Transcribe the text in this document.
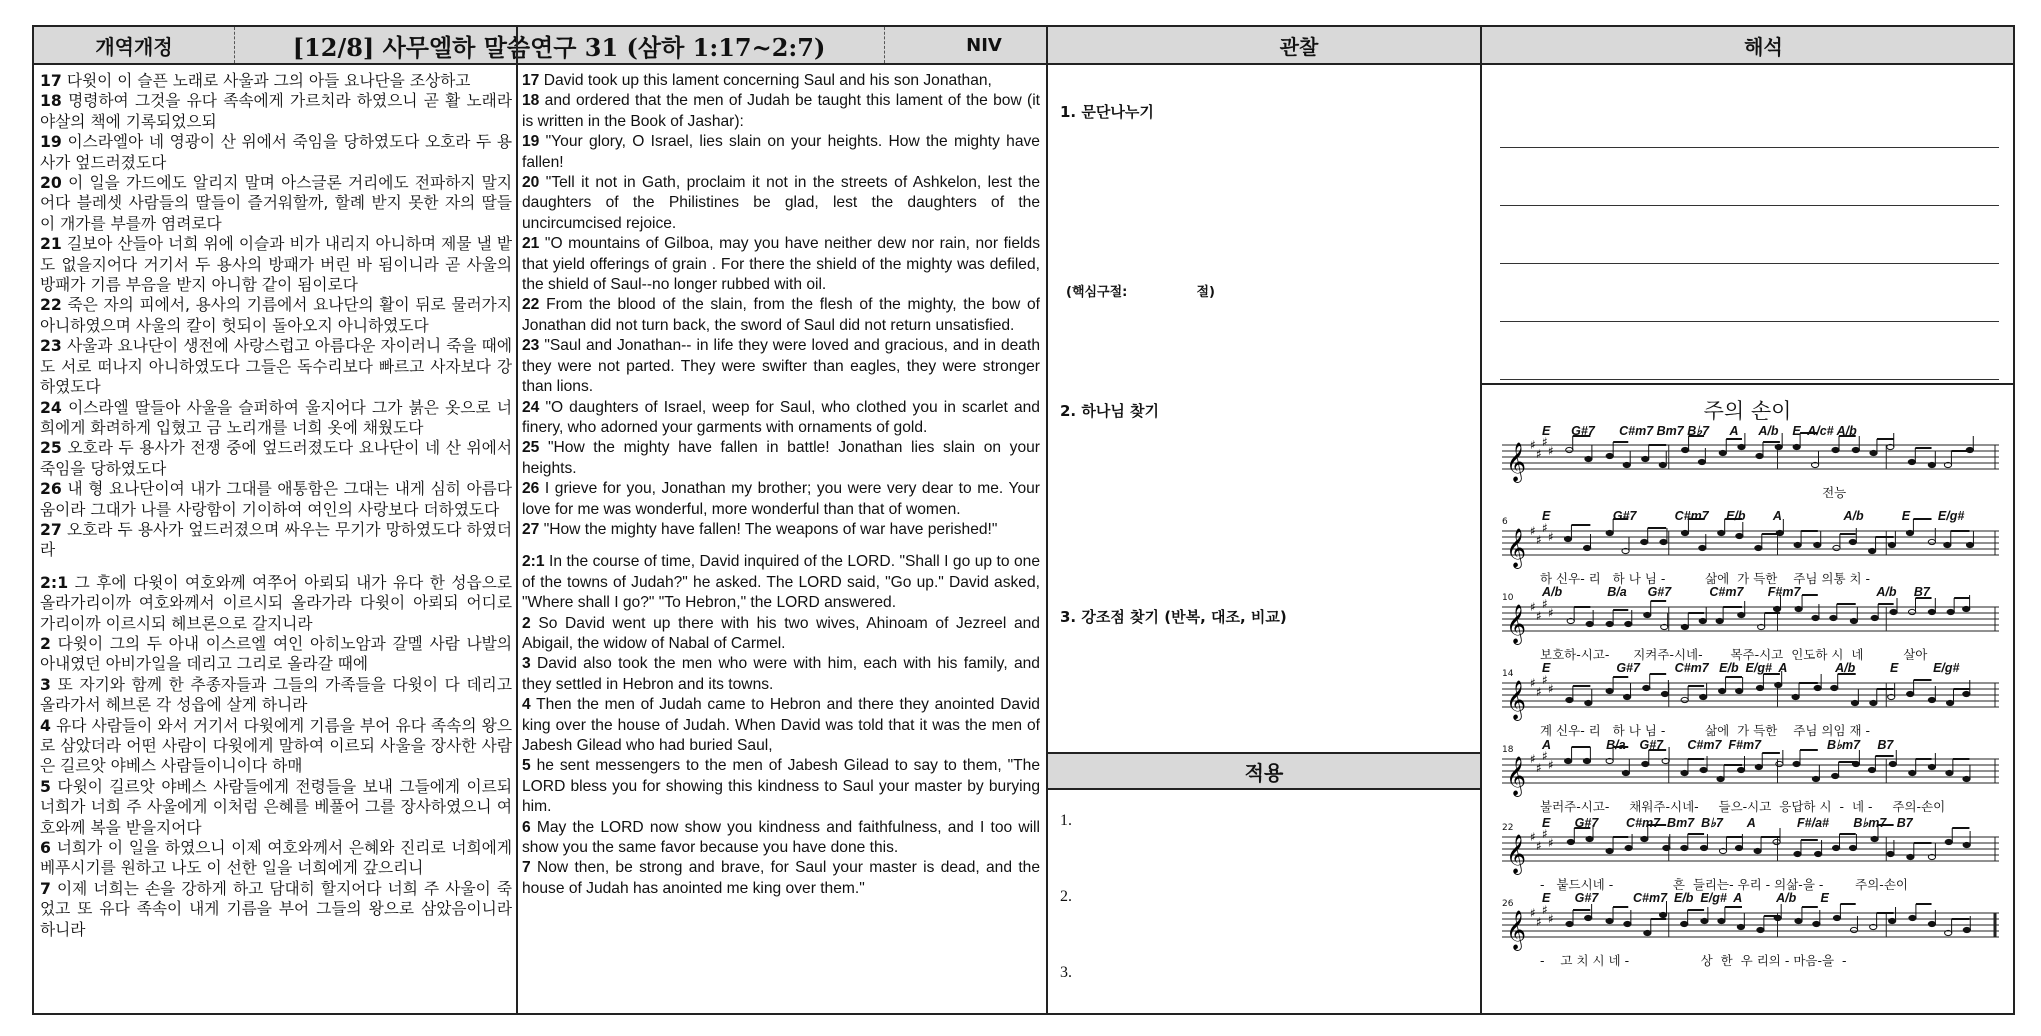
개역개정	[12/8] 사무엘하 말씀연구 31 (삼하 1:17~2:7)	NIV	관찰	해석

17 다윗이 이 슬픈 노래로 사울과 그의 아들 요나단을 조상하고

18 명령하여 그것을 유다 족속에게 가르치라 하였으니 곧 활 노래라 야살의 책에 기록되었으되

19 이스라엘아 네 영광이 산 위에서 죽임을 당하였도다 오호라 두 용사가 엎드러졌도다

20 이 일을 가드에도 알리지 말며 아스글론 거리에도 전파하지 말지어다 블레셋 사람들의 딸들이 즐거워할까, 할례 받지 못한 자의 딸들이 개가를 부를까 염려로다

21 길보아 산들아 너희 위에 이슬과 비가 내리지 아니하며 제물 낼 밭도 없을지어다 거기서 두 용사의 방패가 버린 바 됨이니라 곧 사울의 방패가 기름 부음을 받지 아니함 같이 됨이로다

22 죽은 자의 피에서, 용사의 기름에서 요나단의 활이 뒤로 물러가지 아니하였으며 사울의 칼이 헛되이 돌아오지 아니하였도다

23 사울과 요나단이 생전에 사랑스럽고 아름다운 자이러니 죽을 때에도 서로 떠나지 아니하였도다 그들은 독수리보다 빠르고 사자보다 강하였도다

24 이스라엘 딸들아 사울을 슬퍼하여 울지어다 그가 붉은 옷으로 너희에게 화려하게 입혔고 금 노리개를 너희 옷에 채웠도다

25 오호라 두 용사가 전쟁 중에 엎드러졌도다 요나단이 네 산 위에서 죽임을 당하였도다

26 내 형 요나단이여 내가 그대를 애통함은 그대는 내게 심히 아름다움이라 그대가 나를 사랑함이 기이하여 여인의 사랑보다 더하였도다

27 오호라 두 용사가 엎드러졌으며 싸우는 무기가 망하였도다 하였더라

2:1 그 후에 다윗이 여호와께 여쭈어 아뢰되 내가 유다 한 성읍으로 올라가리이까 여호와께서 이르시되 올라가라 다윗이 아뢰되 어디로 가리이까 이르시되 헤브론으로 갈지니라

2 다윗이 그의 두 아내 이스르엘 여인 아히노암과 갈멜 사람 나발의 아내였던 아비가일을 데리고 그리로 올라갈 때에

3 또 자기와 함께 한 추종자들과 그들의 가족들을 다윗이 다 데리고 올라가서 헤브론 각 성읍에 살게 하니라

4 유다 사람들이 와서 거기서 다윗에게 기름을 부어 유다 족속의 왕으로 삼았더라 어떤 사람이 다윗에게 말하여 이르되 사울을 장사한 사람은 길르앗 야베스 사람들이니이다 하매

5 다윗이 길르앗 야베스 사람들에게 전령들을 보내 그들에게 이르되 너희가 너희 주 사울에게 이처럼 은혜를 베풀어 그를 장사하였으니 여호와께 복을 받을지어다

6 너희가 이 일을 하였으니 이제 여호와께서 은혜와 진리로 너희에게 베푸시기를 원하고 나도 이 선한 일을 너희에게 갚으리니

7 이제 너희는 손을 강하게 하고 담대히 할지어다 너희 주 사울이 죽었고 또 유다 족속이 내게 기름을 부어 그들의 왕으로 삼았음이니라 하니라

17 David took up this lament concerning Saul and his son Jonathan,

18 and ordered that the men of Judah be taught this lament of the bow (it is written in the Book of Jashar):

19 "Your glory, O Israel, lies slain on your heights. How the mighty have fallen!

20 "Tell it not in Gath, proclaim it not in the streets of Ashkelon, lest the daughters of the Philistines be glad, lest the daughters of the uncircumcised rejoice.

21 "O mountains of Gilboa, may you have neither dew nor rain, nor fields that yield offerings of grain . For there the shield of the mighty was defiled, the shield of Saul--no longer rubbed with oil.

22 From the blood of the slain, from the flesh of the mighty, the bow of Jonathan did not turn back, the sword of Saul did not return unsatisfied.

23 "Saul and Jonathan-- in life they were loved and gracious, and in death they were not parted. They were swifter than eagles, they were stronger than lions.

24 "O daughters of Israel, weep for Saul, who clothed you in scarlet and finery, who adorned your garments with ornaments of gold.

25 "How the mighty have fallen in battle! Jonathan lies slain on your heights.

26 I grieve for you, Jonathan my brother; you were very dear to me. Your love for me was wonderful, more wonderful than that of women.

27 "How the mighty have fallen! The weapons of war have perished!"

2:1 In the course of time, David inquired of the LORD. "Shall I go up to one of the towns of Judah?" he asked. The LORD said, "Go up." David asked, "Where shall I go?" "To Hebron," the LORD answered.

2 So David went up there with his two wives, Ahinoam of Jezreel and Abigail, the widow of Nabal of Carmel.

3 David also took the men who were with him, each with his family, and they settled in Hebron and its towns.

4 Then the men of Judah came to Hebron and there they anointed David king over the house of Judah. When David was told that it was the men of Jabesh Gilead who had buried Saul,

5 he sent messengers to the men of Jabesh Gilead to say to them, "The LORD bless you for showing this kindness to Saul your master by burying him.

6 May the LORD now show you kindness and faithfulness, and I too will show you the same favor because you have done this.

7 Now then, be strong and brave, for Saul your master is dead, and the house of Judah has anointed me king over them."

1. 문단나누기
(핵심구절:	절)
2. 하나님 찾기
3. 강조점 찾기 (반복, 대조, 비교)
적용
1.
2.
3.
주의 손이
𝄞 ♯
♯
♯
♯
E      G#7       C#m7 Bm7 B♭7      A      A/b    E  A/c# A/b
전능
𝄞 ♯
♯
♯
♯
6	E                  G#7           C#m7     E/b        A                  A/b           E        E/g#
하 신우- 리   하 나 님 -          삶에  가 득한    주님 의통 치 -
𝄞 ♯
♯
♯
♯
10 A/b             B/a      G#7           C#m7       F#m7                      A/b     B7
보호하-시고-      지켜주-시네-       목주-시고  인도하 시  네          살아
𝄞 ♯
♯
♯
♯
14 E                   G#7          C#m7   E/b  E/g#  A              A/b          E          E/g#
계 신우- 리   하 나 님 -          삶에  가 득한    주님 의임 재 -
𝄞 ♯
♯
♯
♯
18 A                B/a    G#7       C#m7  F#m7                   B♭m7     B7
불러주-시고-     채워주-시네-     들으-시고  응답하 시  -  네 -     주의-손이
𝄞 ♯
♯
♯
♯
22 E       G#7        C#m7  Bm7  B♭7       A            F#/a#       B♭m7   B7
-   붙드시네 -               흔  들리는- 우리 - 의삶-을 -        주의-손이
𝄞 ♯
♯
♯
♯
26 E       G#7          C#m7  E/b  E/g#  A          A/b       E
-    고 치 시 네 -                  상  한  우 리의 - 마음-을  -
